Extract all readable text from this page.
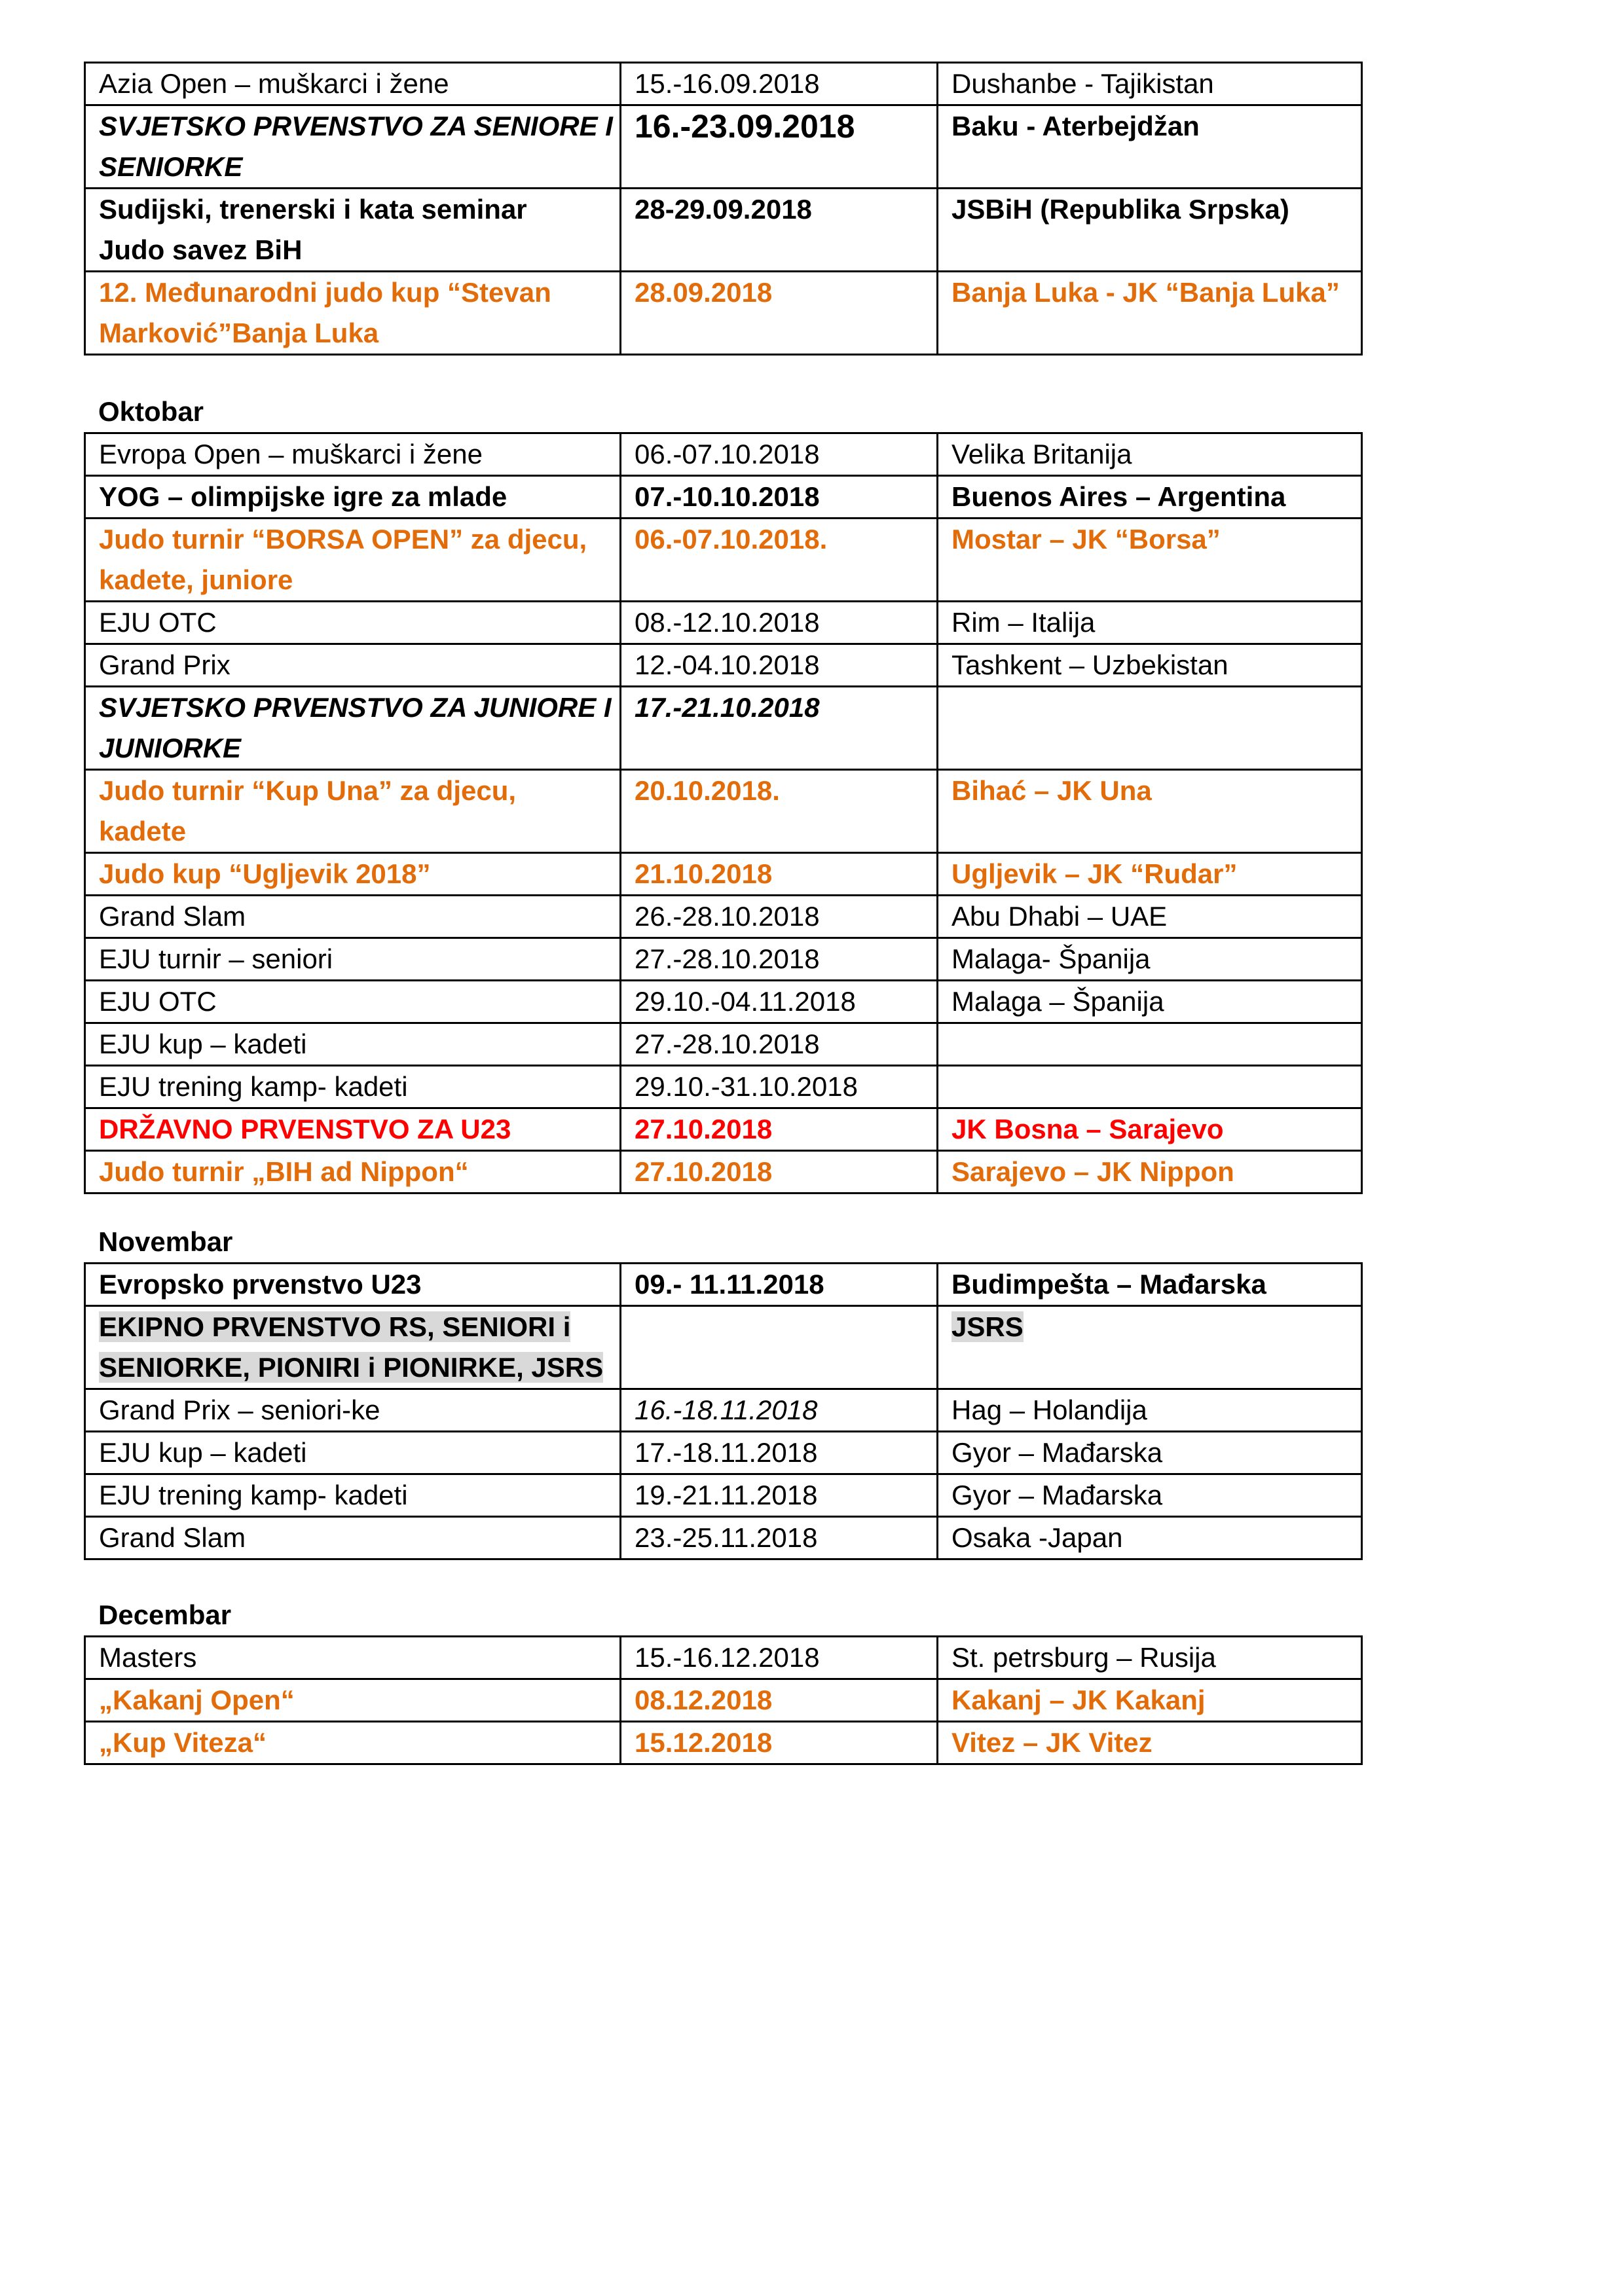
Azia Open – muškarci i žene	15.-16.09.2018	Dushanbe - Tajikistan

SVJETSKO PRVENSTVO ZA SENIORE I
SENIORKE	16.-23.09.2018	Baku - Aterbejdžan

Sudijski, trenerski i kata seminar
Judo savez BiH	28-29.09.2018	JSBiH (Republika Srpska)

12. Međunarodni judo kup “Stevan
Marković”Banja Luka	28.09.2018	Banja Luka - JK “Banja Luka”
Oktobar
Evropa Open – muškarci i žene	06.-07.10.2018	Velika Britanija
YOG – olimpijske igre za mlade	07.-10.10.2018	Buenos Aires – Argentina

Judo turnir “BORSA OPEN” za djecu,
kadete, juniore	06.-07.10.2018.	Mostar – JK “Borsa”
EJU OTC	08.-12.10.2018	Rim – Italija
Grand Prix	12.-04.10.2018	Tashkent – Uzbekistan

SVJETSKO PRVENSTVO ZA JUNIORE I
JUNIORKE	17.-21.10.2018	

Judo turnir “Kup Una” za djecu,
kadete	20.10.2018.	Bihać – JK Una
Judo kup “Ugljevik 2018”	21.10.2018	Ugljevik – JK “Rudar”
Grand Slam	26.-28.10.2018	Abu Dhabi – UAE
EJU turnir – seniori	27.-28.10.2018	Malaga- Španija
EJU OTC	29.10.-04.11.2018	Malaga – Španija
EJU kup – kadeti	27.-28.10.2018	
EJU trening kamp- kadeti	29.10.-31.10.2018	
DRŽAVNO PRVENSTVO ZA U23	27.10.2018	JK Bosna – Sarajevo
Judo turnir „BIH ad Nippon“	27.10.2018	Sarajevo – JK Nippon
Novembar
Evropsko prvenstvo U23	09.- 11.11.2018	Budimpešta – Mađarska

EKIPNO PRVENSTVO RS, SENIORI i
SENIORKE, PIONIRI i PIONIRKE, JSRS		JSRS
Grand Prix – seniori-ke	16.-18.11.2018	Hag – Holandija
EJU kup – kadeti	17.-18.11.2018	Gyor – Mađarska
EJU trening kamp- kadeti	19.-21.11.2018	Gyor – Mađarska
Grand Slam	23.-25.11.2018	Osaka -Japan
Decembar
Masters	15.-16.12.2018	St. petrsburg – Rusija
„Kakanj Open“	08.12.2018	Kakanj – JK Kakanj
„Kup Viteza“	15.12.2018	Vitez – JK Vitez
